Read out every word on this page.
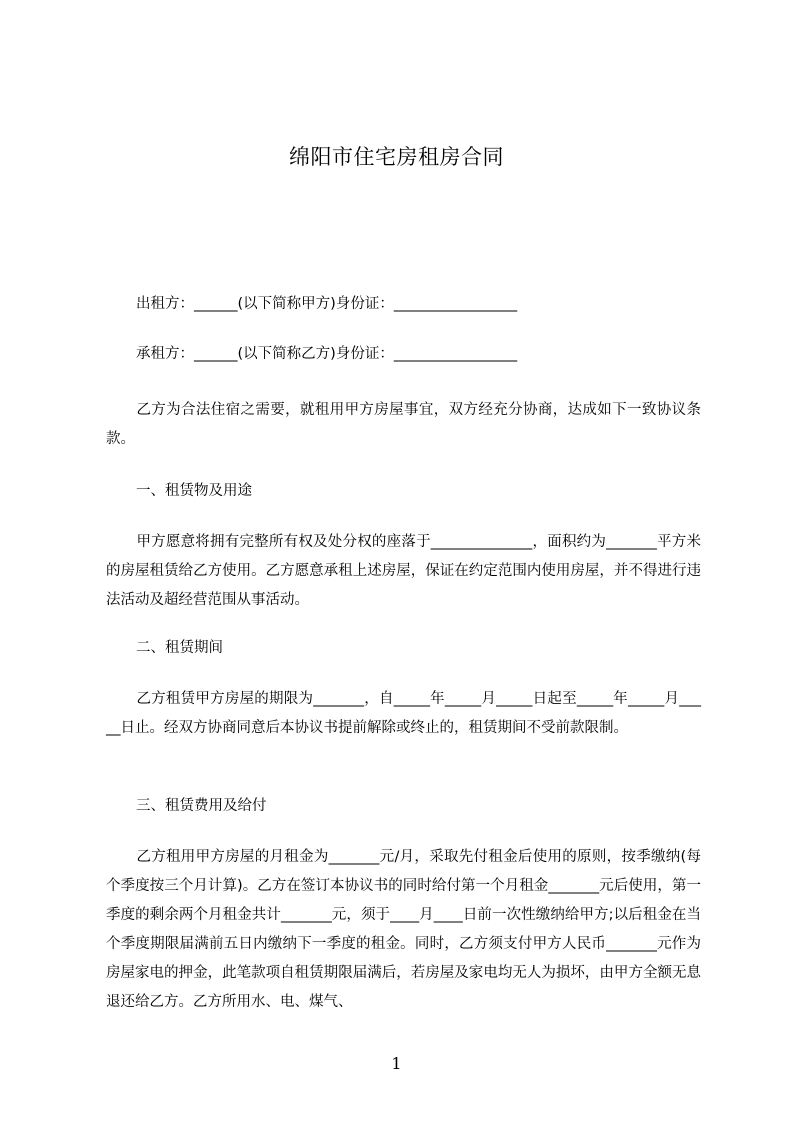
绵阳市住宅房租房合同
出租方：______(以下简称甲方)身份证：_________________
承租方：______(以下简称乙方)身份证：_________________
乙方为合法住宿之需要，就租用甲方房屋事宜，双方经充分协商，达成如下一致协议条款。
一、租赁物及用途
甲方愿意将拥有完整所有权及处分权的座落于______________，面积约为_______平方米的房屋租赁给乙方使用。乙方愿意承租上述房屋，保证在约定范围内使用房屋，并不得进行违法活动及超经营范围从事活动。
二、租赁期间
乙方租赁甲方房屋的期限为_______，自_____年_____月_____日起至_____年_____月_____日止。经双方协商同意后本协议书提前解除或终止的，租赁期间不受前款限制。
三、租赁费用及给付
乙方租用甲方房屋的月租金为_______元/月，采取先付租金后使用的原则，按季缴纳(每个季度按三个月计算)。乙方在签订本协议书的同时给付第一个月租金_______元后使用，第一季度的剩余两个月租金共计_______元，须于____月____日前一次性缴纳给甲方;以后租金在当个季度期限届满前五日内缴纳下一季度的租金。同时，乙方须支付甲方人民币_______元作为房屋家电的押金，此笔款项自租赁期限届满后，若房屋及家电均无人为损坏，由甲方全额无息退还给乙方。乙方所用水、电、煤气、
1
